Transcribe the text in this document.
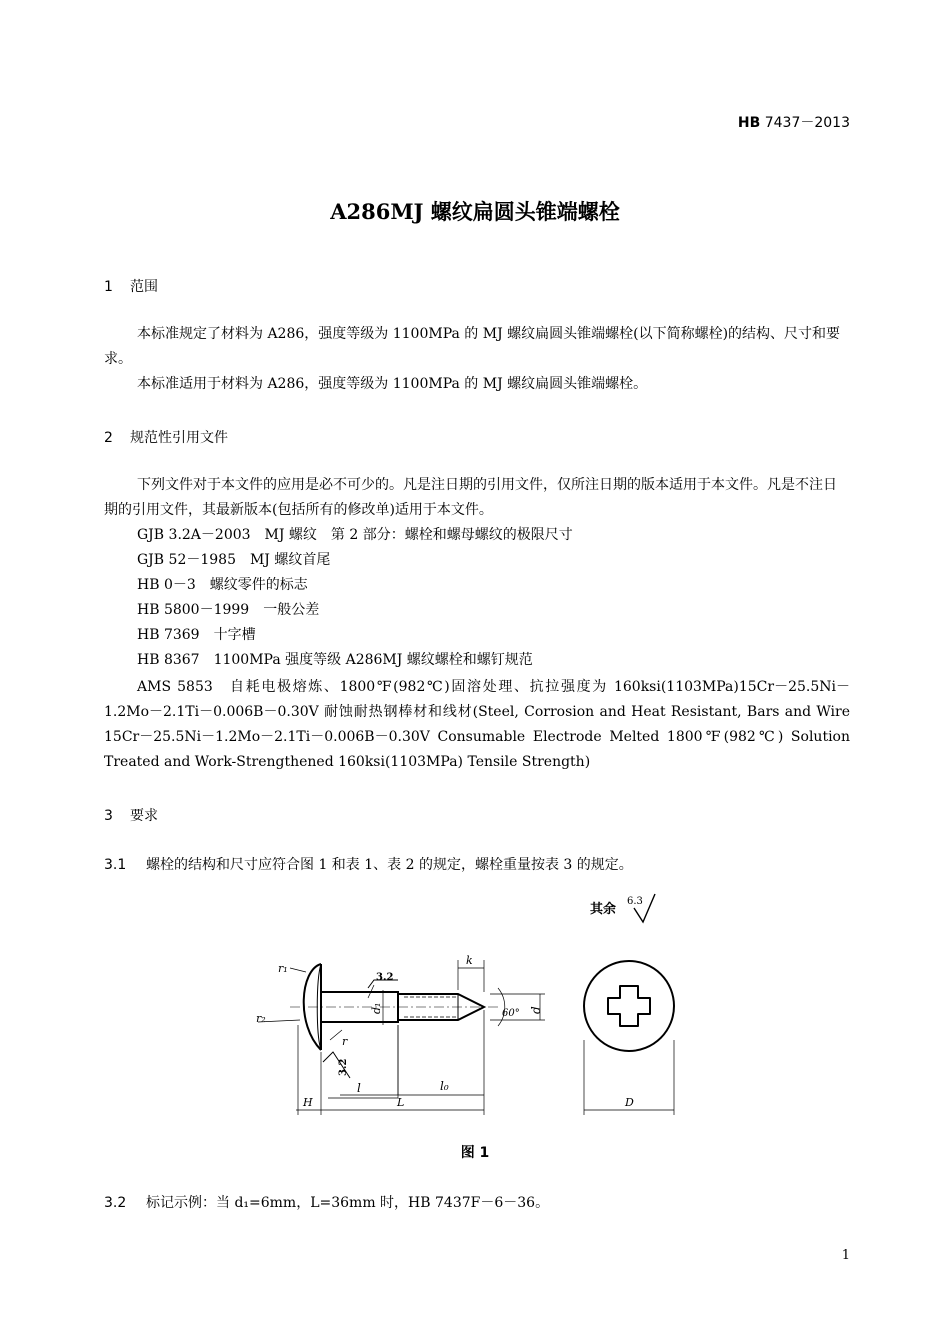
HB 7437－2013
A286MJ 螺纹扁圆头锥端螺栓
1 范围
本标准规定了材料为 A286，强度等级为 1100MPa 的 MJ 螺纹扁圆头锥端螺栓(以下简称螺栓)的结构、尺寸和要求。
本标准适用于材料为 A286，强度等级为 1100MPa 的 MJ 螺纹扁圆头锥端螺栓。
2 规范性引用文件
下列文件对于本文件的应用是必不可少的。凡是注日期的引用文件，仅所注日期的版本适用于本文件。凡是不注日期的引用文件，其最新版本(包括所有的修改单)适用于本文件。
GJB 3.2A－2003　MJ 螺纹　第 2 部分：螺栓和螺母螺纹的极限尺寸
GJB 52－1985　MJ 螺纹首尾
HB 0－3　螺纹零件的标志
HB 5800－1999　一般公差
HB 7369　十字槽
HB 8367　1100MPa 强度等级 A286MJ 螺纹螺栓和螺钉规范
AMS 5853　自耗电极熔炼、1800℉(982℃)固溶处理、抗拉强度为 160ksi(1103MPa)15Cr－25.5Ni－1.2Mo－2.1Ti－0.006B－0.30V 耐蚀耐热钢棒材和线材(Steel, Corrosion and Heat Resistant, Bars and Wire 15Cr－25.5Ni－1.2Mo－2.1Ti－0.006B－0.30V Consumable Electrode Melted 1800℉(982℃) Solution Treated and Work-Strengthened 160ksi(1103MPa) Tensile Strength)
3 要求
3.1 螺栓的结构和尺寸应符合图 1 和表 1、表 2 的规定，螺栓重量按表 3 的规定。
其余
6.3
r₁
r₂
r
3.2
3.2
d₁	d
60°
k
l	l₀
H	L	D
图 1
3.2 标记示例：当 d₁=6mm，L=36mm 时，HB 7437F－6－36。
1
